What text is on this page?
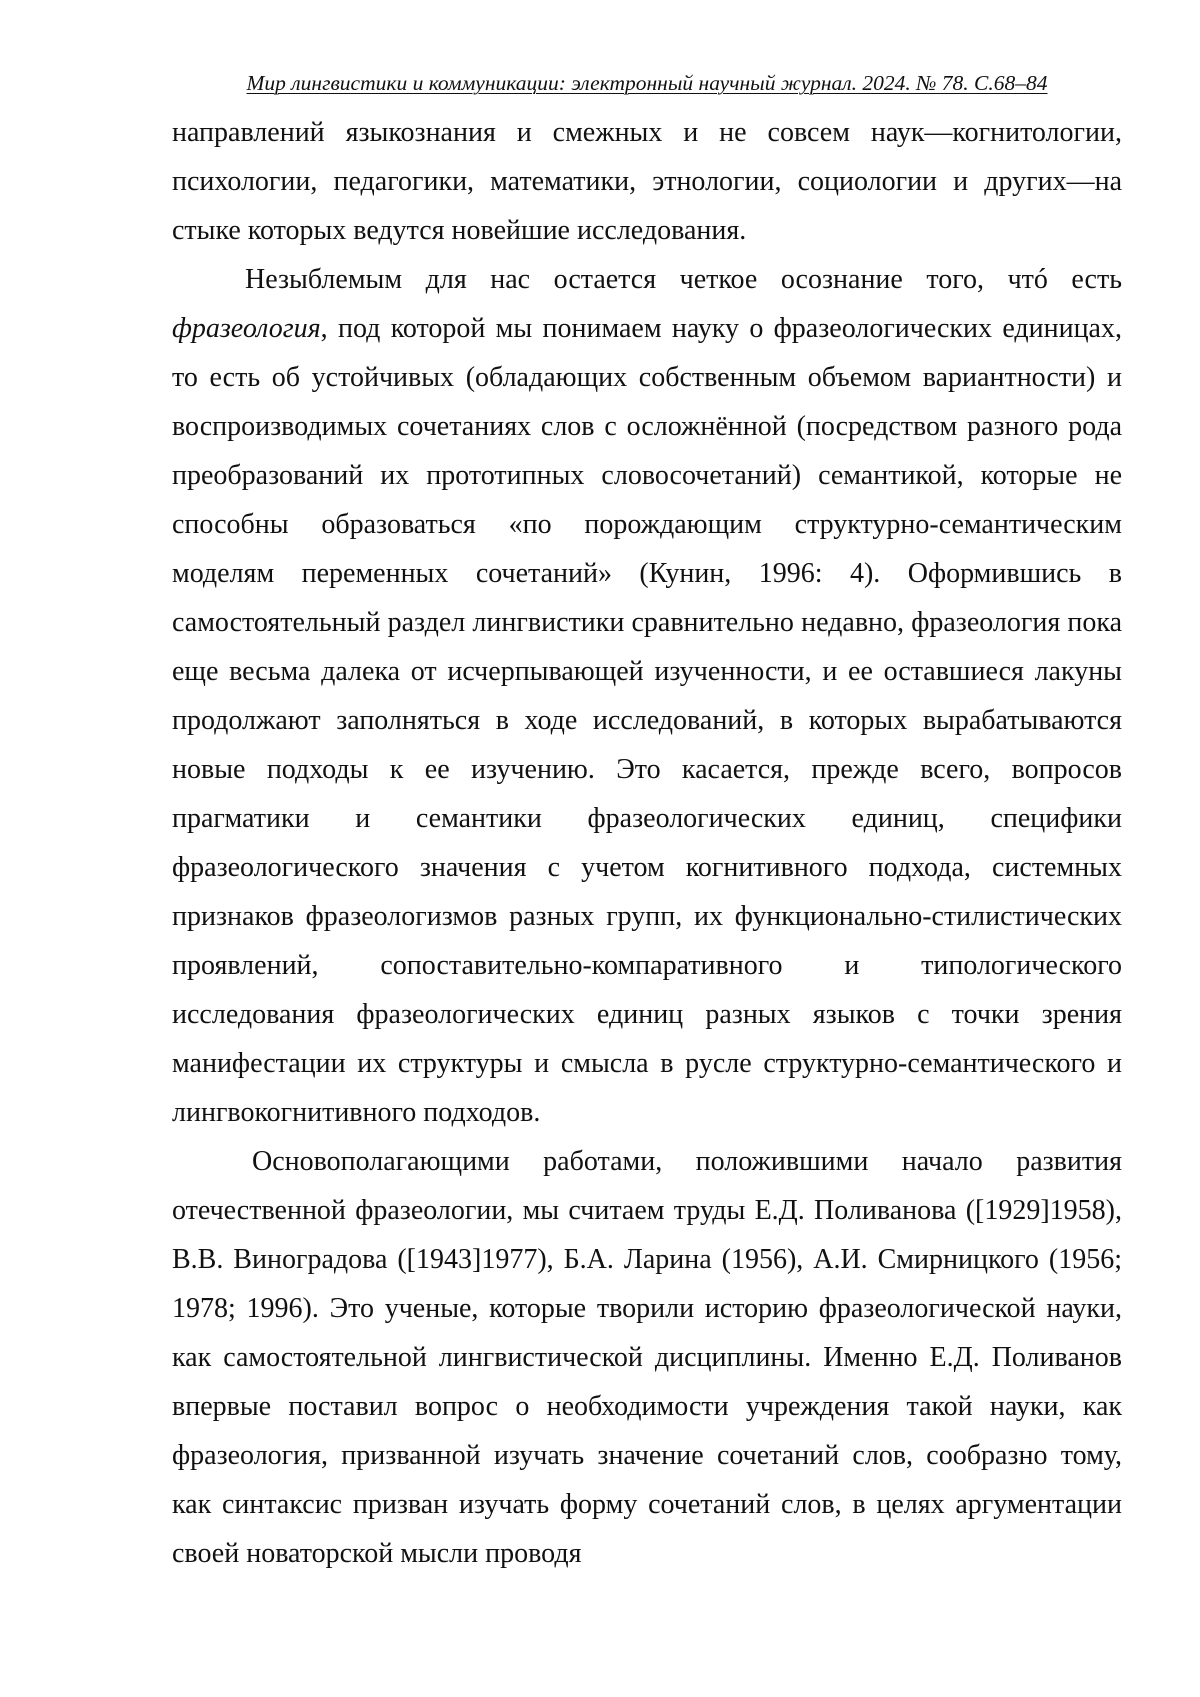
Мир лингвистики и коммуникации: электронный научный журнал. 2024. № 78. С.68–84

направлений языкознания и смежных и не совсем наук—когнитологии, психологии, педагогики, математики, этнологии, социологии и других—на стыке которых ведутся новейшие исследования.

Незыблемым для нас остается четкое осознание того, чтó есть фразеология, под которой мы понимаем науку о фразеологических единицах, то есть об устойчивых (обладающих собственным объемом вариантности) и воспроизводимых сочетаниях слов с осложнённой (посредством разного рода преобразований их прототипных словосочетаний) семантикой, которые не способны образоваться «по порождающим структурно-семантическим моделям переменных сочетаний» (Кунин, 1996: 4). Оформившись в самостоятельный раздел лингвистики сравнительно недавно, фразеология пока еще весьма далека от исчерпывающей изученности, и ее оставшиеся лакуны продолжают заполняться в ходе исследований, в которых вырабатываются новые подходы к ее изучению. Это касается, прежде всего, вопросов прагматики и семантики фразеологических единиц, специфики фразеологического значения с учетом когнитивного подхода, системных признаков фразеологизмов разных групп, их функционально-стилистических проявлений, сопоставительно-компаративного и типологического исследования фразеологических единиц разных языков с точки зрения манифестации их структуры и смысла в русле структурно-семантического и лингвокогнитивного подходов.

Основополагающими работами, положившими начало развития отечественной фразеологии, мы считаем труды Е.Д. Поливанова ([1929]1958), В.В. Виноградова ([1943]1977), Б.А. Ларина (1956), А.И. Смирницкого (1956; 1978; 1996). Это ученые, которые творили историю фразеологической науки, как самостоятельной лингвистической дисциплины. Именно Е.Д. Поливанов впервые поставил вопрос о необходимости учреждения такой науки, как фразеология, призванной изучать значение сочетаний слов, сообразно тому, как синтаксис призван изучать форму сочетаний слов, в целях аргументации своей новаторской мысли проводя
